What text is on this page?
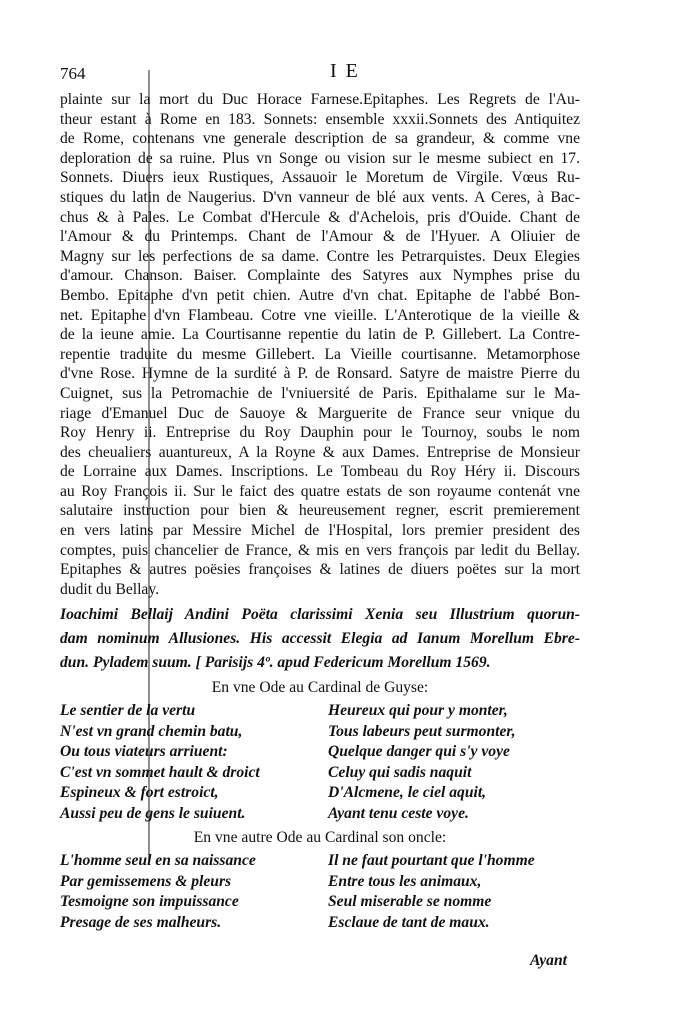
764	I E
plainte sur la mort du Duc Horace Farnese.Epitaphes. Les Regrets de l'Au-
theur estant à Rome en 183. Sonnets: ensemble xxxii.Sonnets des Antiquitez
de Rome, contenans vne generale description de sa grandeur, & comme vne
deploration de sa ruine. Plus vn Songe ou vision sur le mesme subiect en 17.
Sonnets. Diuers ieux Rustiques, Assauoir le Moretum de Virgile. Vœus Ru-
stiques du latin de Naugerius. D'vn vanneur de blé aux vents. A Ceres, à Bac-
chus & à Pales. Le Combat d'Hercule & d'Achelois, pris d'Ouide. Chant de
l'Amour & du Printemps. Chant de l'Amour & de l'Hyuer. A Oliuier de
Magny sur les perfections de sa dame. Contre les Petrarquistes. Deux Elegies
d'amour. Chanson. Baiser. Complainte des Satyres aux Nymphes prise du
Bembo. Epitaphe d'vn petit chien. Autre d'vn chat. Epitaphe de l'abbé Bon-
net. Epitaphe d'vn Flambeau. Cotre vne vieille. L'Anterotique de la vieille &
de la ieune amie. La Courtisanne repentie du latin de P. Gillebert. La Contre-
repentie traduite du mesme Gillebert. La Vieille courtisanne. Metamorphose
d'vne Rose. Hymne de la surdité à P. de Ronsard. Satyre de maistre Pierre du
Cuignet, sus la Petromachie de l'vniuersité de Paris. Epithalame sur le Ma-
riage d'Emanuel Duc de Sauoye & Marguerite de France seur vnique du
Roy Henry ii. Entreprise du Roy Dauphin pour le Tournoy, soubs le nom
des cheualiers auantureux, A la Royne & aux Dames. Entreprise de Monsieur
de Lorraine aux Dames. Inscriptions. Le Tombeau du Roy Héry ii. Discours
au Roy François ii. Sur le faict des quatre estats de son royaume contenát vne
salutaire instruction pour bien & heureusement regner, escrit premierement
en vers latins par Messire Michel de l'Hospital, lors premier president des
comptes, puis chancelier de France, & mis en vers françois par ledit du Bellay.
Epitaphes & autres poësies françoises & latines de diuers poëtes sur la mort
dudit du Bellay.
Ioachimi Bellaij Andini Poëta clarissimi Xenia seu Illustrium quorun-
dam nominum Allusiones. His accessit Elegia ad Ianum Morellum Ebre-
dun. Pyladem suum. [ Parisijs 4º. apud Federicum Morellum 1569.
En vne Ode au Cardinal de Guyse:
Le sentier de la vertu
N'est vn grand chemin batu,
Ou tous viateurs arriuent:
C'est vn sommet hault & droict
Espineux & fort estroict,
Aussi peu de gens le suiuent.
Heureux qui pour y monter,
Tous labeurs peut surmonter,
Quelque danger qui s'y voye
Celuy qui sadis naquit
D'Alcmene, le ciel aquit,
Ayant tenu ceste voye.
En vne autre Ode au Cardinal son oncle:
L'homme seul en sa naissance
Par gemissemens & pleurs
Tesmoigne son impuissance
Presage de ses malheurs.
Il ne faut pourtant que l'homme
Entre tous les animaux,
Seul miserable se nomme
Esclaue de tant de maux.
Ayant
